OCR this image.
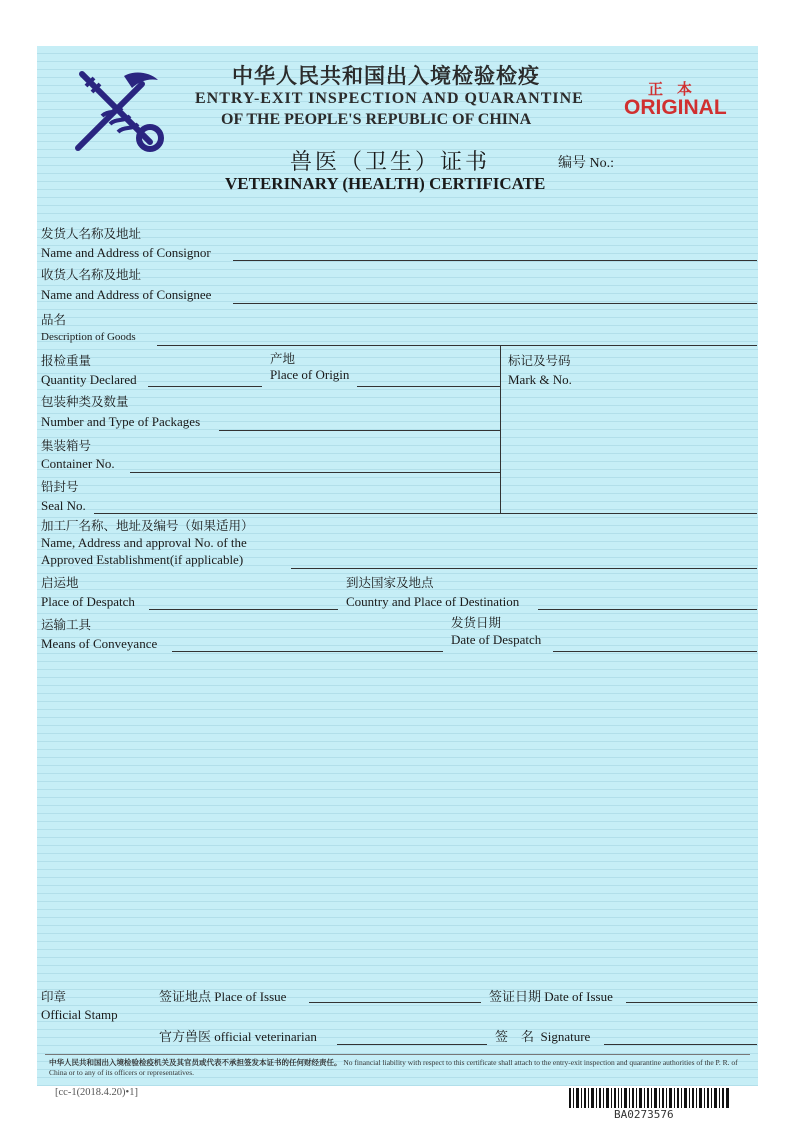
中华人民共和国出入境检验检疫
ENTRY-EXIT INSPECTION AND QUARANTINE
OF THE PEOPLE'S REPUBLIC OF CHINA
正本
ORIGINAL
兽医（卫生）证书
VETERINARY (HEALTH) CERTIFICATE
编号 No.:
发货人名称及地址
Name and Address of Consignor
收货人名称及地址
Name and Address of Consignee
品名
Description of Goods
报检重量
Quantity Declared
产地
Place of Origin
标记及号码
Mark & No.
包装种类及数量
Number and Type of Packages
集装箱号
Container No.
铅封号
Seal No.
加工厂名称、地址及编号（如果适用）
Name, Address and approval No. of the
Approved Establishment(if applicable)
启运地
Place of Despatch
到达国家及地点
Country and Place of Destination
运输工具
Means of Conveyance
发货日期
Date of Despatch
印章
Official Stamp
签证地点 Place of Issue	签证日期 Date of Issue
官方兽医 official veterinarian	签    名  Signature
中华人民共和国出入境检验检疫机关及其官员或代表不承担签发本证书的任何财经责任。 No financial liability with respect to this certificate shall attach to the entry-exit inspection and quarantine authorities of the P. R. of China or to any of its officers or representatives.
[cc-1(2018.4.20)•1]
BA0273576
